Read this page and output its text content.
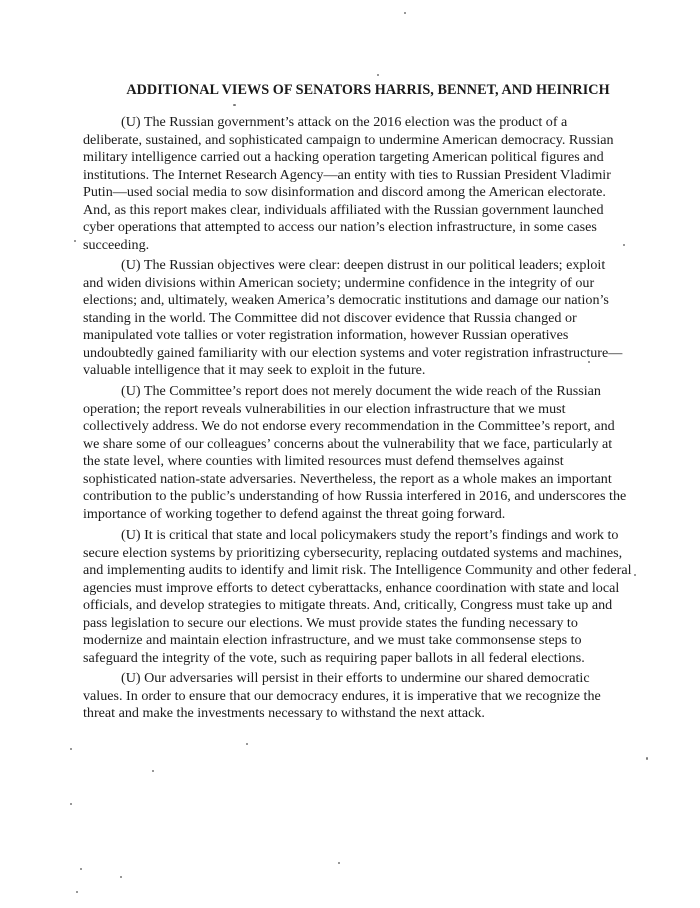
ADDITIONAL VIEWS OF SENATORS HARRIS, BENNET, AND HEINRICH
(U) The Russian government’s attack on the 2016 election was the product of a
deliberate, sustained, and sophisticated campaign to undermine American democracy. Russian
military intelligence carried out a hacking operation targeting American political figures and
institutions. The Internet Research Agency—an entity with ties to Russian President Vladimir
Putin—used social media to sow disinformation and discord among the American electorate.
And, as this report makes clear, individuals affiliated with the Russian government launched
cyber operations that attempted to access our nation’s election infrastructure, in some cases
succeeding.
(U) The Russian objectives were clear: deepen distrust in our political leaders; exploit
and widen divisions within American society; undermine confidence in the integrity of our
elections; and, ultimately, weaken America’s democratic institutions and damage our nation’s
standing in the world. The Committee did not discover evidence that Russia changed or
manipulated vote tallies or voter registration information, however Russian operatives
undoubtedly gained familiarity with our election systems and voter registration infrastructure—
valuable intelligence that it may seek to exploit in the future.
(U) The Committee’s report does not merely document the wide reach of the Russian
operation; the report reveals vulnerabilities in our election infrastructure that we must
collectively address. We do not endorse every recommendation in the Committee’s report, and
we share some of our colleagues’ concerns about the vulnerability that we face, particularly at
the state level, where counties with limited resources must defend themselves against
sophisticated nation-state adversaries. Nevertheless, the report as a whole makes an important
contribution to the public’s understanding of how Russia interfered in 2016, and underscores the
importance of working together to defend against the threat going forward.
(U) It is critical that state and local policymakers study the report’s findings and work to
secure election systems by prioritizing cybersecurity, replacing outdated systems and machines,
and implementing audits to identify and limit risk. The Intelligence Community and other federal
agencies must improve efforts to detect cyberattacks, enhance coordination with state and local
officials, and develop strategies to mitigate threats. And, critically, Congress must take up and
pass legislation to secure our elections. We must provide states the funding necessary to
modernize and maintain election infrastructure, and we must take commonsense steps to
safeguard the integrity of the vote, such as requiring paper ballots in all federal elections.
(U) Our adversaries will persist in their efforts to undermine our shared democratic
values. In order to ensure that our democracy endures, it is imperative that we recognize the
threat and make the investments necessary to withstand the next attack.
